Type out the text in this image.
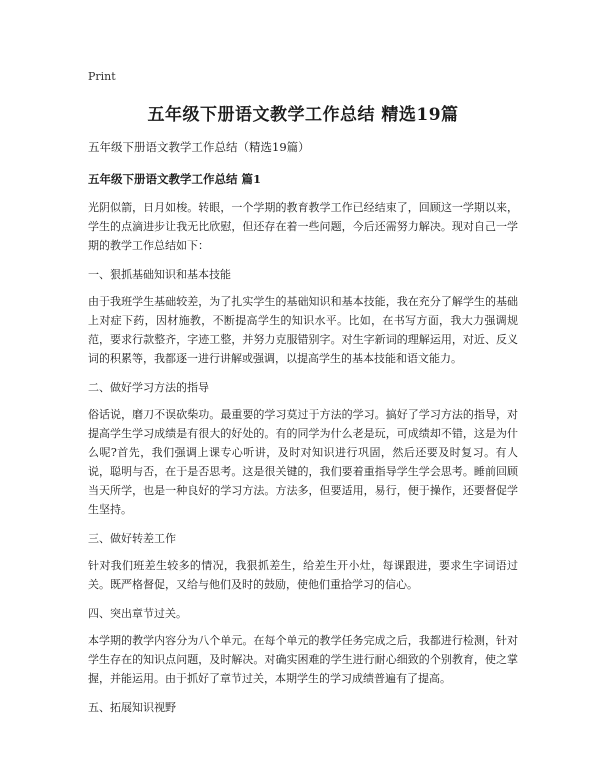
Print
五年级下册语文教学工作总结 精选19篇
五年级下册语文教学工作总结（精选19篇）
五年级下册语文教学工作总结 篇1

光阴似箭，日月如梭。转眼，一个学期的教育教学工作已经结束了，回顾这一学期以来，学生的点滴进步让我无比欣慰，但还存在着一些问题，今后还需努力解决。现对自己一学期的教学工作总结如下：

一、狠抓基础知识和基本技能

由于我班学生基础较差，为了扎实学生的基础知识和基本技能，我在充分了解学生的基础上对症下药，因材施教，不断提高学生的知识水平。比如，在书写方面，我大力强调规范，要求行款整齐，字迹工整，并努力克服错别字。对生字新词的理解运用，对近、反义词的积累等，我都逐一进行讲解或强调，以提高学生的基本技能和语文能力。

二、做好学习方法的指导

俗话说，磨刀不误砍柴功。最重要的学习莫过于方法的学习。搞好了学习方法的指导，对提高学生学习成绩是有很大的好处的。有的同学为什么老是玩，可成绩却不错，这是为什么呢?首先，我们强调上课专心听讲，及时对知识进行巩固，然后还要及时复习。有人说，聪明与否，在于是否思考。这是很关键的，我们要着重指导学生学会思考。睡前回顾当天所学，也是一种良好的学习方法。方法多，但要适用，易行，便于操作，还要督促学生坚持。

三、做好转差工作

针对我们班差生较多的情况，我狠抓差生，给差生开小灶，每课跟进，要求生字词语过关。既严格督促，又给与他们及时的鼓励，使他们重拾学习的信心。

四、突出章节过关。

本学期的教学内容分为八个单元。在每个单元的教学任务完成之后，我都进行检测，针对学生存在的知识点问题，及时解决。对确实困难的学生进行耐心细致的个别教育，使之掌握，并能运用。由于抓好了章节过关，本期学生的学习成绩普遍有了提高。

五、拓展知识视野
